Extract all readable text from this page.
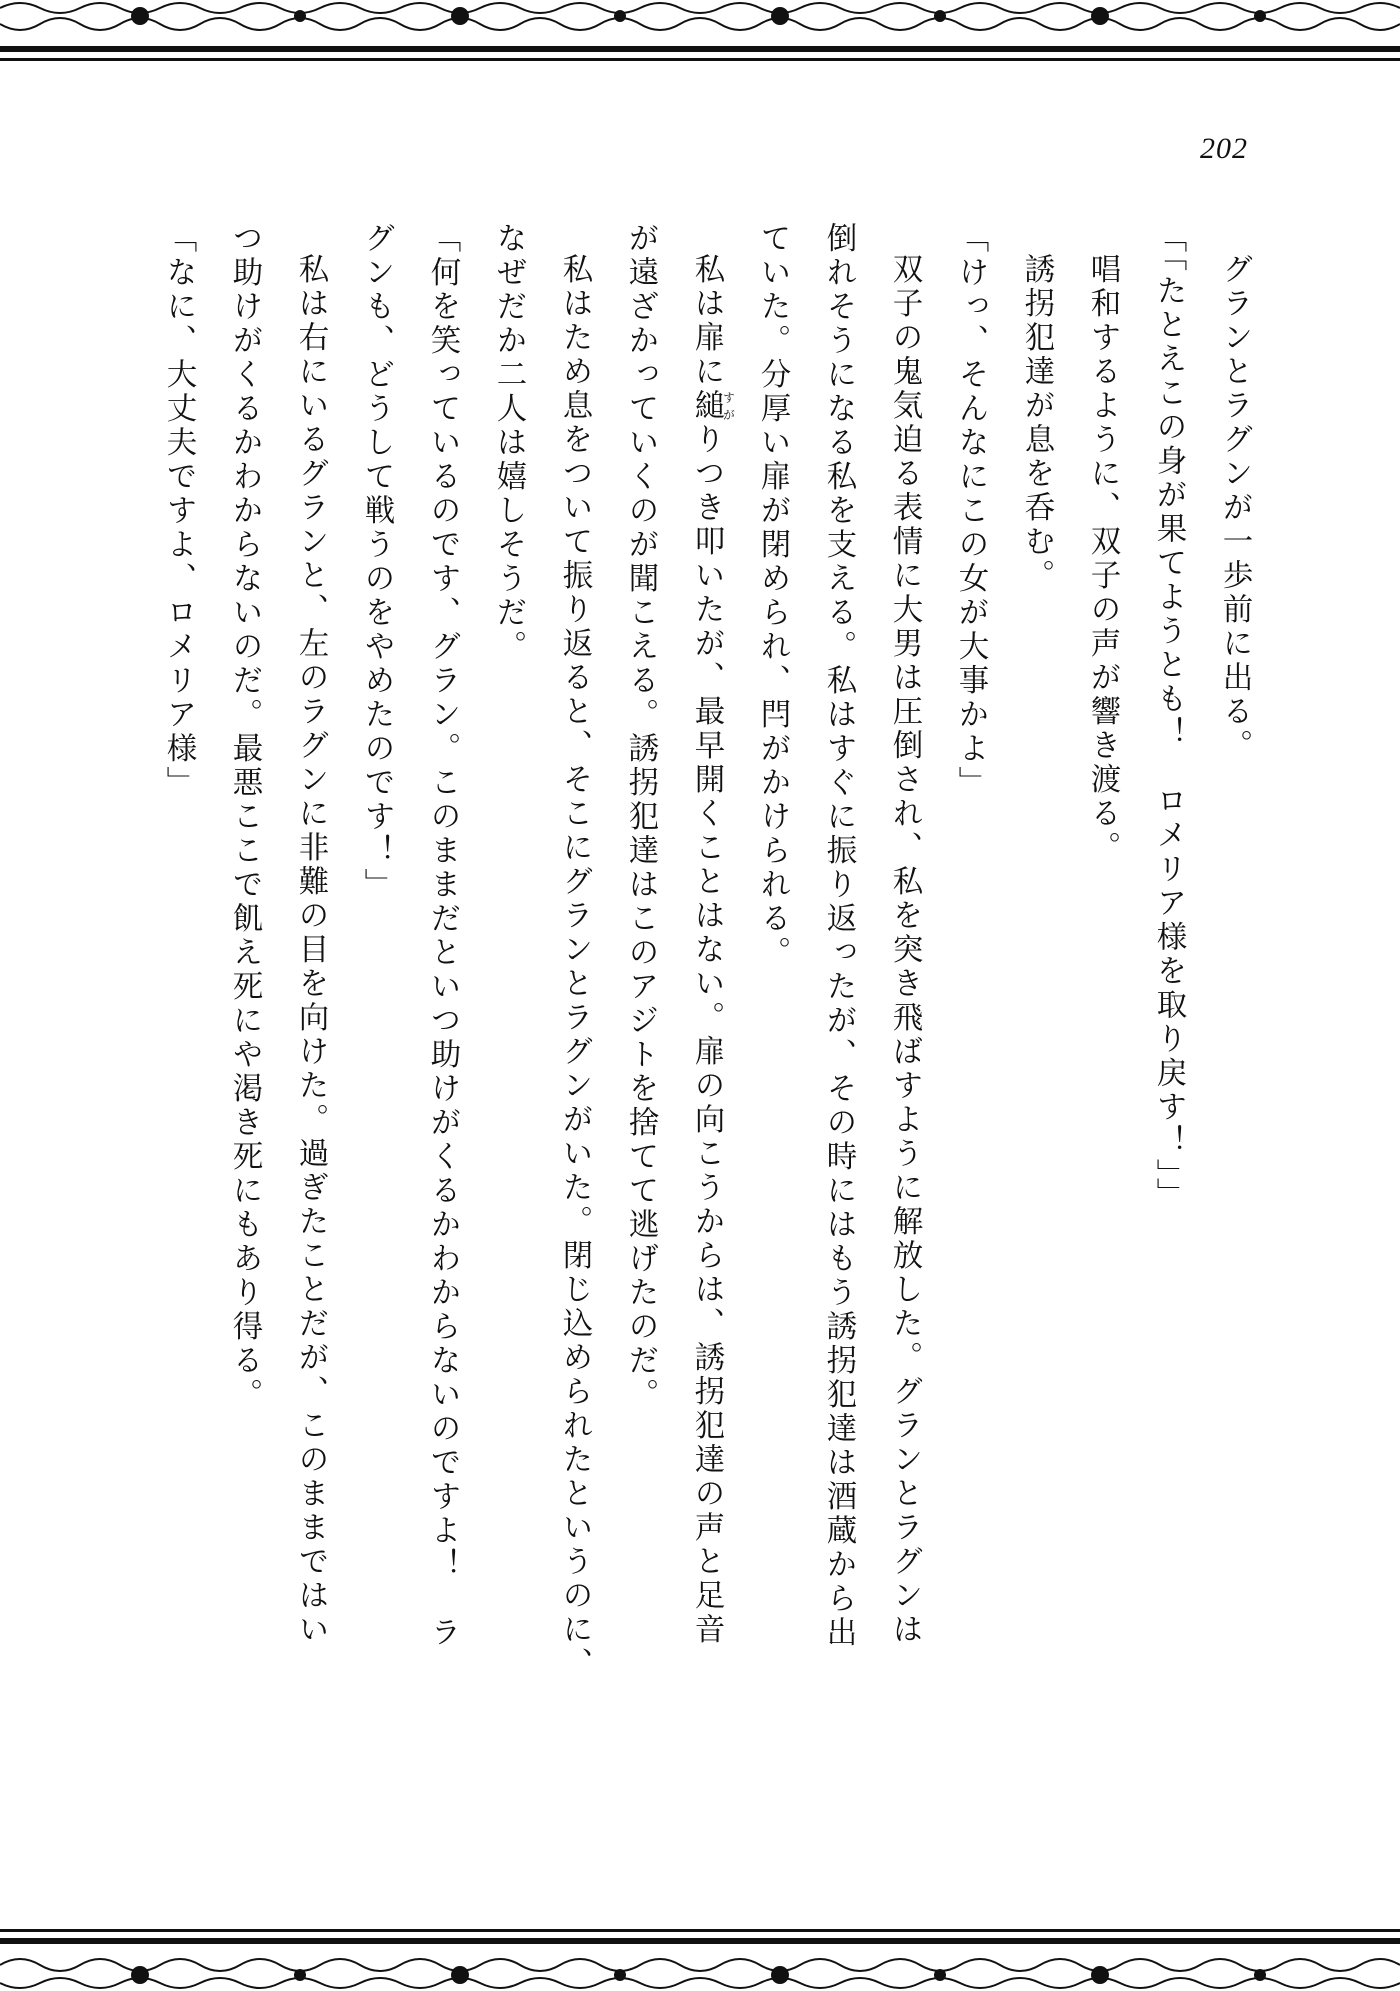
202
グランとラグンが一歩前に出る。
「「たとえこの身が果てようとも！　ロメリア様を取り戻す！」」
唱和するように、双子の声が響き渡る。
誘拐犯達が息を呑む。
「けっ、そんなにこの女が大事かよ」
双子の鬼気迫る表情に大男は圧倒され、私を突き飛ばすように解放した。グランとラグンは
倒れそうになる私を支える。私はすぐに振り返ったが、その時にはもう誘拐犯達は酒蔵から出
ていた。分厚い扉が閉められ、閂がかけられる。
私は扉に縋すがりつき叩いたが、最早開くことはない。扉の向こうからは、誘拐犯達の声と足音
が遠ざかっていくのが聞こえる。誘拐犯達はこのアジトを捨てて逃げたのだ。
私はため息をついて振り返ると、そこにグランとラグンがいた。閉じ込められたというのに、
なぜだか二人は嬉しそうだ。
「何を笑っているのです、グラン。このままだといつ助けがくるかわからないのですよ！　ラ
グンも、どうして戦うのをやめたのです！」
私は右にいるグランと、左のラグンに非難の目を向けた。過ぎたことだが、このままではい
つ助けがくるかわからないのだ。最悪ここで飢え死にや渇き死にもあり得る。
「なに、大丈夫ですよ、ロメリア様」
